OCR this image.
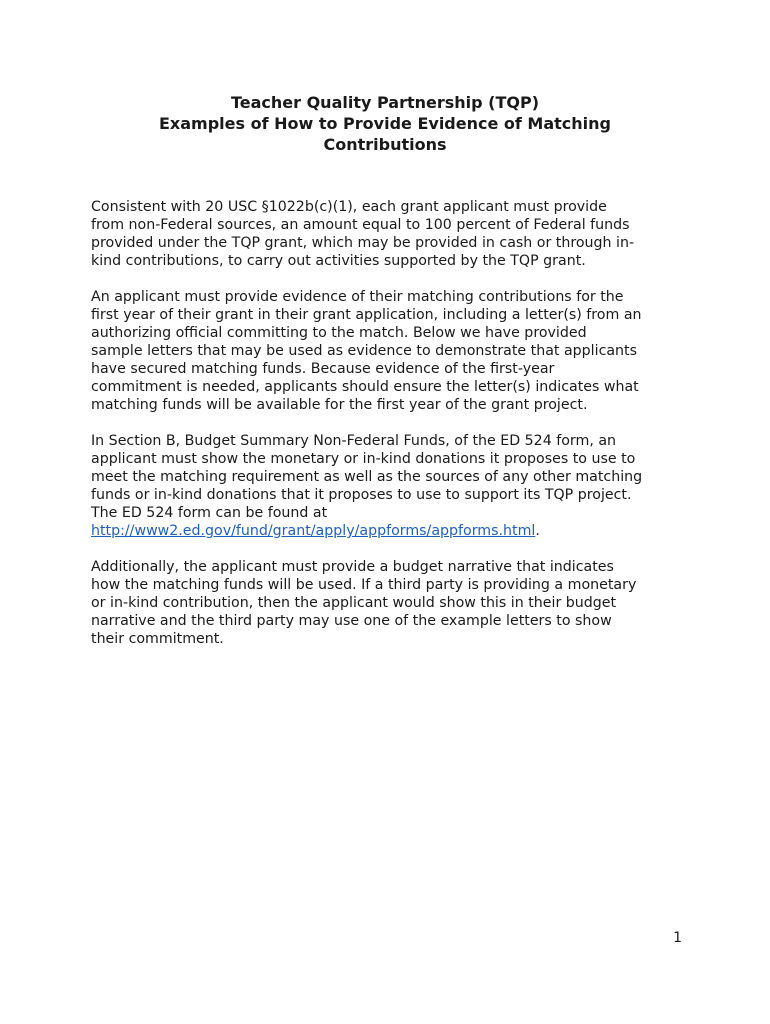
Teacher Quality Partnership (TQP)
Examples of How to Provide Evidence of Matching
Contributions

Consistent with 20 USC §1022b(c)(1), each grant applicant must provide
from non-Federal sources, an amount equal to 100 percent of Federal funds
provided under the TQP grant, which may be provided in cash or through in-
kind contributions, to carry out activities supported by the TQP grant.

An applicant must provide evidence of their matching contributions for the
first year of their grant in their grant application, including a letter(s) from an
authorizing official committing to the match. Below we have provided
sample letters that may be used as evidence to demonstrate that applicants
have secured matching funds. Because evidence of the first-year
commitment is needed, applicants should ensure the letter(s) indicates what
matching funds will be available for the first year of the grant project.

In Section B, Budget Summary Non-Federal Funds, of the ED 524 form, an
applicant must show the monetary or in-kind donations it proposes to use to
meet the matching requirement as well as the sources of any other matching
funds or in-kind donations that it proposes to use to support its TQP project.
The ED 524 form can be found at
http://www2.ed.gov/fund/grant/apply/appforms/appforms.html.

Additionally, the applicant must provide a budget narrative that indicates
how the matching funds will be used. If a third party is providing a monetary
or in-kind contribution, then the applicant would show this in their budget
narrative and the third party may use one of the example letters to show
their commitment.

1
